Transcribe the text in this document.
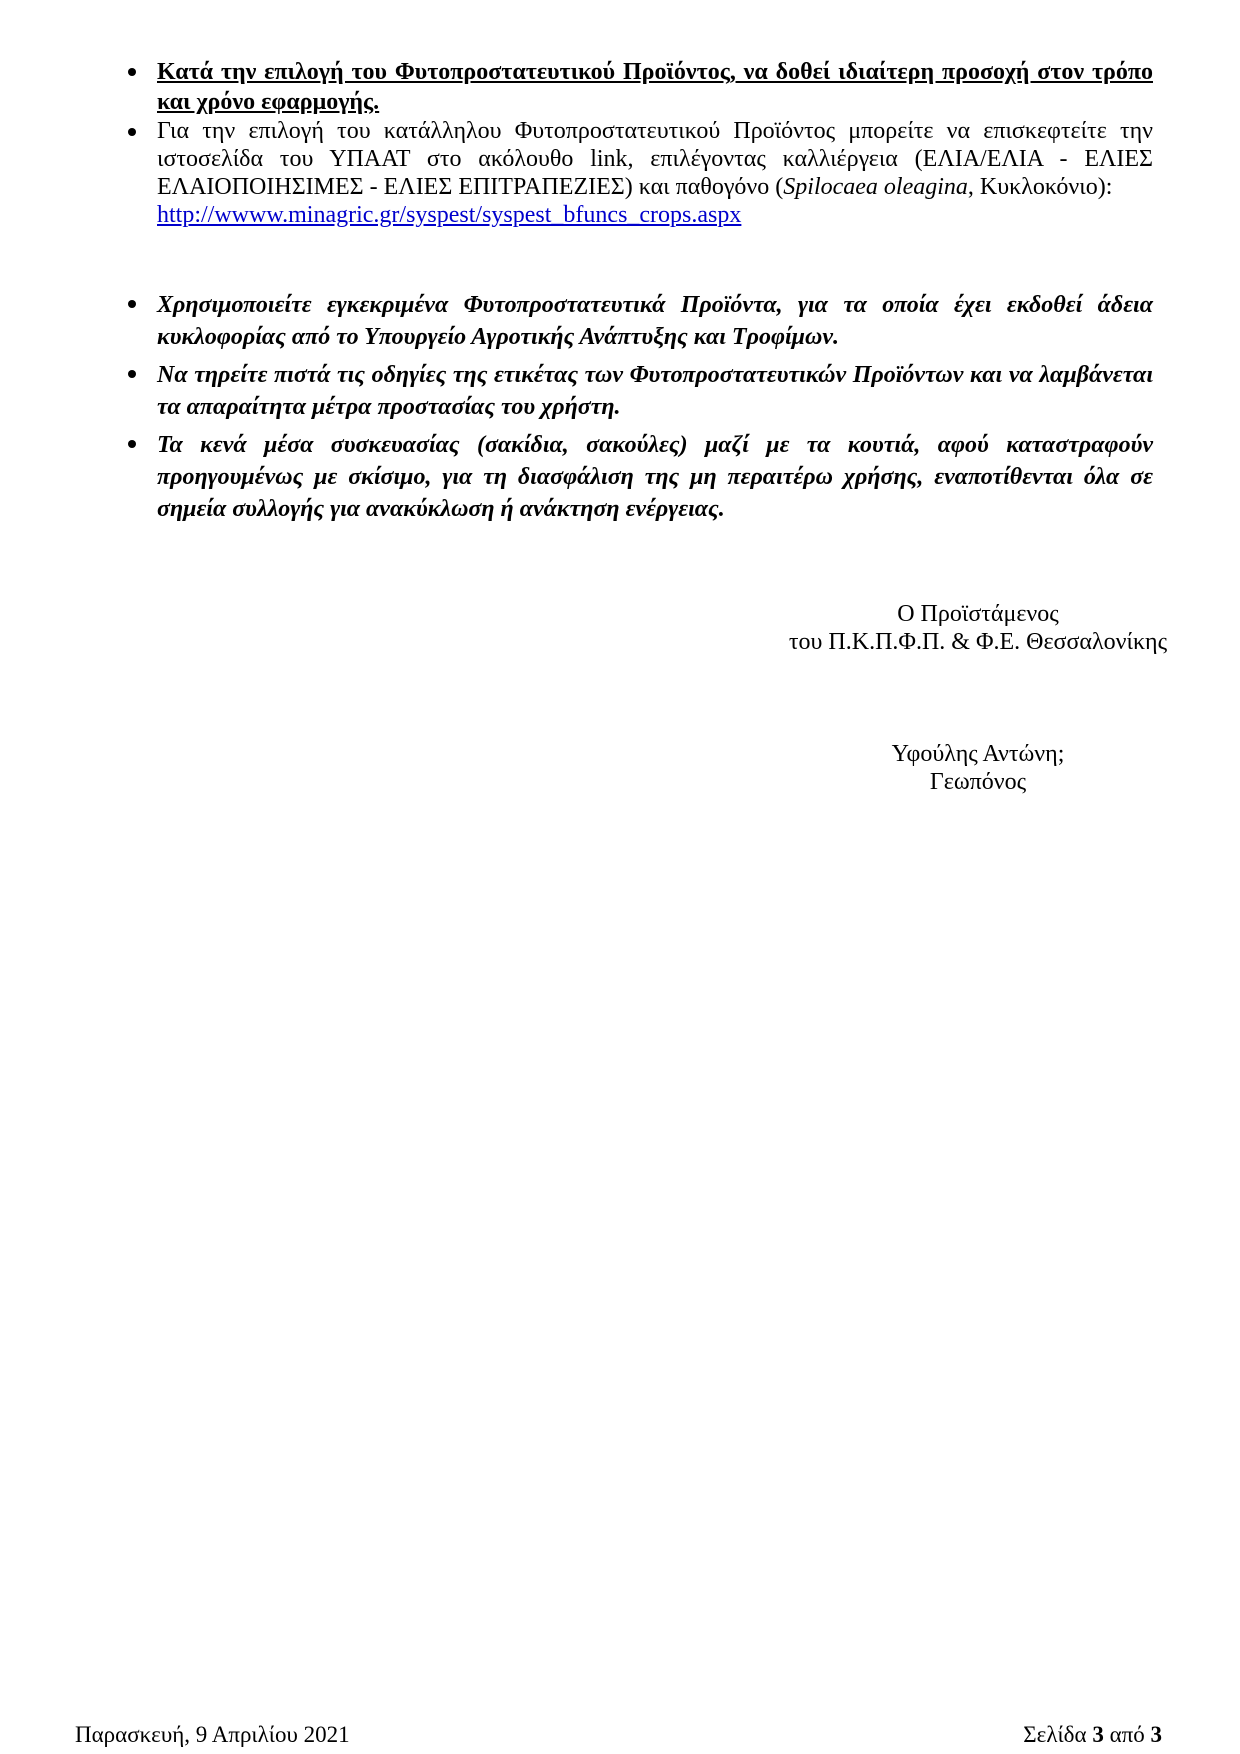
Κατά την επιλογή του Φυτοπροστατευτικού Προϊόντος, να δοθεί ιδιαίτερη προσοχή στον τρόπο και χρόνο εφαρμογής.
Για την επιλογή του κατάλληλου Φυτοπροστατευτικού Προϊόντος μπορείτε να επισκεφτείτε την ιστοσελίδα του ΥΠΑΑΤ στο ακόλουθο link, επιλέγοντας καλλιέργεια (ΕΛΙΑ/ΕΛΙΑ - ΕΛΙΕΣ ΕΛΑΙΟΠΟΙΗΣΙΜΕΣ - ΕΛΙΕΣ ΕΠΙΤΡΑΠΕΖΙΕΣ) και παθογόνο (Spilocaea oleagina, Κυκλοκόνιο):
http://wwww.minagric.gr/syspest/syspest_bfuncs_crops.aspx
Χρησιμοποιείτε εγκεκριμένα Φυτοπροστατευτικά Προϊόντα, για τα οποία έχει εκδοθεί άδεια κυκλοφορίας από το Υπουργείο Αγροτικής Ανάπτυξης και Τροφίμων.
Να τηρείτε πιστά τις οδηγίες της ετικέτας των Φυτοπροστατευτικών Προϊόντων και να λαμβάνεται τα απαραίτητα μέτρα προστασίας του χρήστη.
Τα κενά μέσα συσκευασίας (σακίδια, σακούλες) μαζί με τα κουτιά, αφού καταστραφούν προηγουμένως με σκίσιμο, για τη διασφάλιση της μη περαιτέρω χρήσης, εναποτίθενται όλα σε σημεία συλλογής για ανακύκλωση ή ανάκτηση ενέργειας.
Ο Προϊστάμενος
του Π.Κ.Π.Φ.Π. & Φ.Ε. Θεσσαλονίκης
Υφούλης Αντώνη;
Γεωπόνος
Παρασκευή, 9 Απριλίου 2021	Σελίδα 3 από 3
